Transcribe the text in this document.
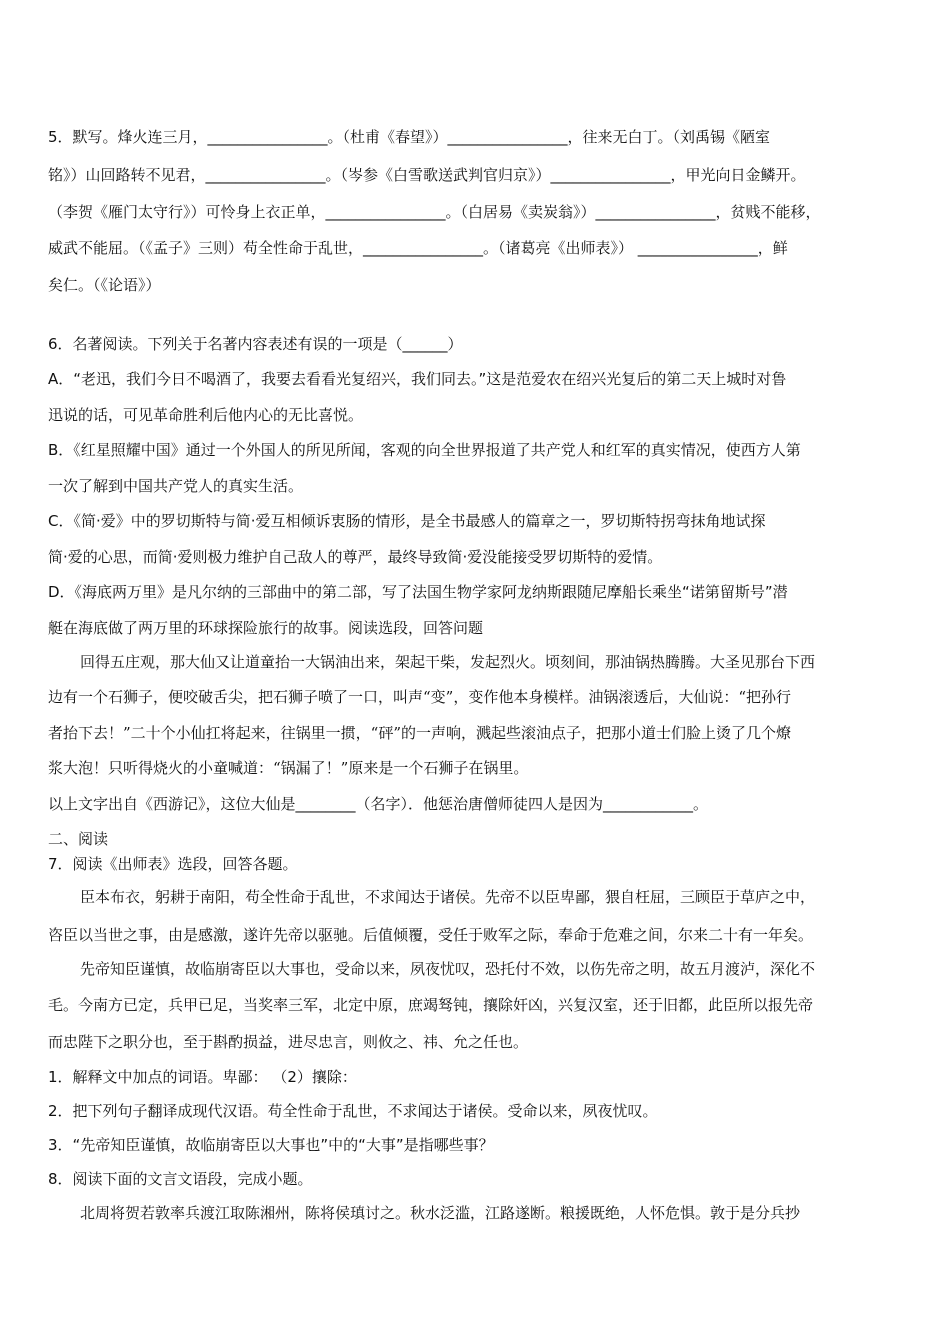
5．默写。烽火连三月，________________。（杜甫《春望》）________________，往来无白丁。（刘禹锡《陋室
铭》）山回路转不见君，________________。（岑参《白雪歌送武判官归京》）________________，甲光向日金鳞开。
（李贺《雁门太守行》）可怜身上衣正单，________________。（白居易《卖炭翁》）________________，贫贱不能移，
威武不能屈。（《孟子》三则）苟全性命于乱世，________________。（诸葛亮《出师表》） ________________，鲜
矣仁。（《论语》）
6．名著阅读。下列关于名著内容表述有误的一项是（______）
A．“老迅，我们今日不喝酒了，我要去看看光复绍兴，我们同去。”这是范爱农在绍兴光复后的第二天上城时对鲁
迅说的话，可见革命胜利后他内心的无比喜悦。
B．《红星照耀中国》通过一个外国人的所见所闻，客观的向全世界报道了共产党人和红军的真实情况，使西方人第
一次了解到中国共产党人的真实生活。
C．《简·爱》中的罗切斯特与简·爱互相倾诉衷肠的情形，是全书最感人的篇章之一，罗切斯特拐弯抹角地试探
简·爱的心思，而简·爱则极力维护自己敌人的尊严，最终导致简·爱没能接受罗切斯特的爱情。
D．《海底两万里》是凡尔纳的三部曲中的第二部，写了法国生物学家阿龙纳斯跟随尼摩船长乘坐“诺第留斯号”潜
艇在海底做了两万里的环球探险旅行的故事。阅读选段，回答问题
回得五庄观，那大仙又让道童抬一大锅油出来，架起干柴，发起烈火。顷刻间，那油锅热腾腾。大圣见那台下西
边有一个石狮子，便咬破舌尖，把石狮子喷了一口，叫声“变”，变作他本身模样。油锅滚透后，大仙说：“把孙行
者抬下去！”二十个小仙扛将起来，往锅里一掼，“砰”的一声响，溅起些滚油点子，把那小道士们脸上烫了几个燎
浆大泡！只听得烧火的小童喊道：“锅漏了！”原来是一个石狮子在锅里。
以上文字出自《西游记》，这位大仙是________（名字）．他惩治唐僧师徒四人是因为____________。
二、阅读
7．阅读《出师表》选段，回答各题。
臣本布衣，躬耕于南阳，苟全性命于乱世，不求闻达于诸侯。先帝不以臣卑鄙，猥自枉屈，三顾臣于草庐之中，
咨臣以当世之事，由是感激，遂许先帝以驱驰。后值倾覆，受任于败军之际，奉命于危难之间，尔来二十有一年矣。
先帝知臣谨慎，故临崩寄臣以大事也，受命以来，夙夜忧叹，恐托付不效，以伤先帝之明，故五月渡泸，深化不
毛。今南方已定，兵甲已足，当奖率三军，北定中原，庶竭驽钝，攘除奸凶，兴复汉室，还于旧都，此臣所以报先帝
而忠陛下之职分也，至于斟酌损益，进尽忠言，则攸之、祎、允之任也。
1．解释文中加点的词语。卑鄙： （2）攘除：
2．把下列句子翻译成现代汉语。苟全性命于乱世，不求闻达于诸侯。受命以来，夙夜忧叹。
3．“先帝知臣谨慎，故临崩寄臣以大事也”中的“大事”是指哪些事？
8．阅读下面的文言文语段，完成小题。
北周将贺若敦率兵渡江取陈湘州，陈将侯瑱讨之。秋水泛滥，江路遂断。粮援既绝，人怀危惧。敦于是分兵抄
